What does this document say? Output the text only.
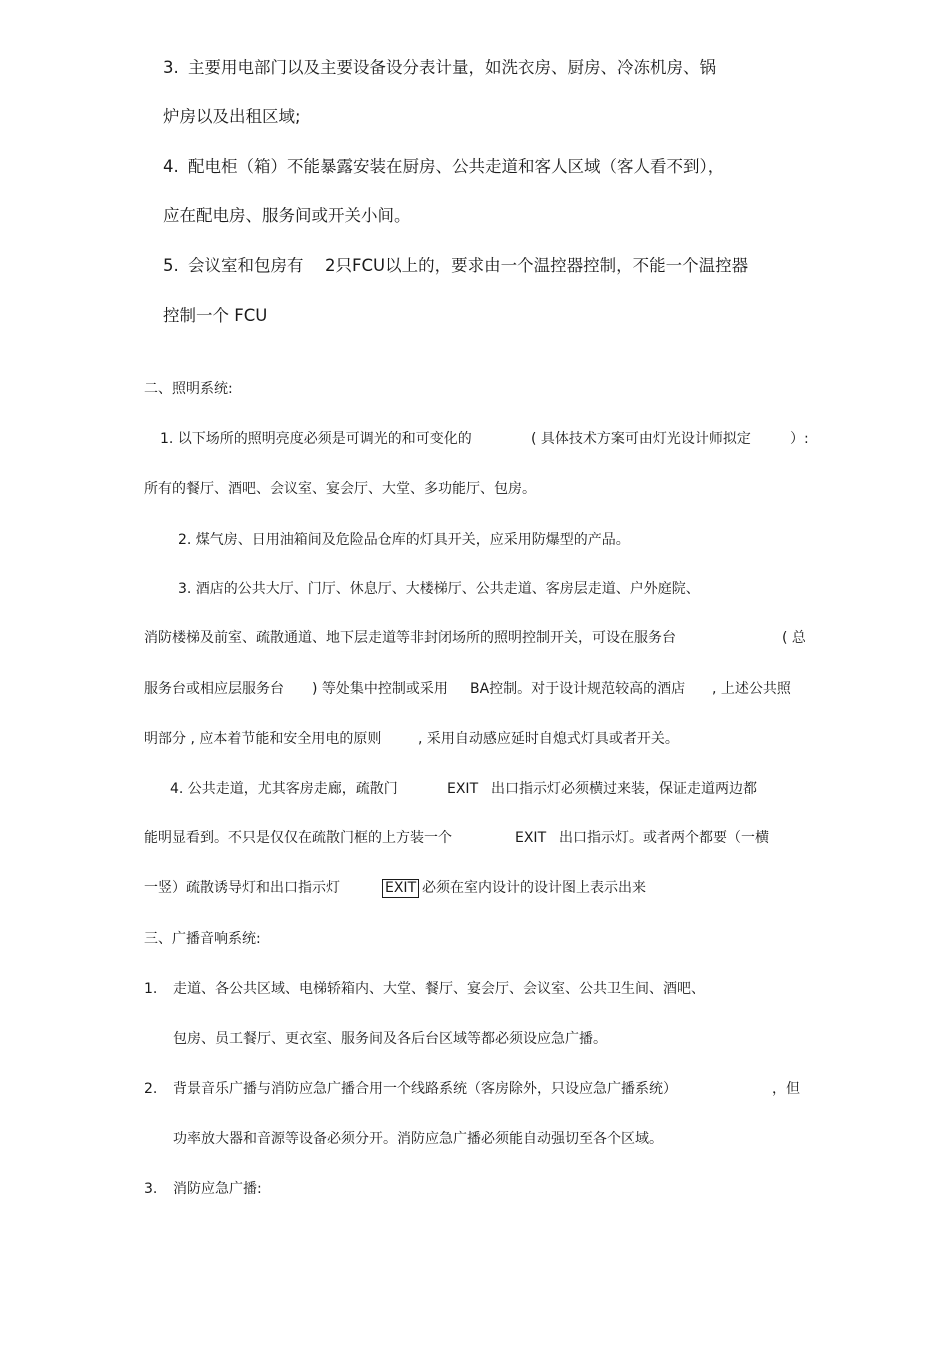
3. 主要用电部门以及主要设备设分表计量，如洗衣房、厨房、冷冻机房、锅
炉房以及出租区域;
4. 配电柜（箱）不能暴露安装在厨房、公共走道和客人区域（客人看不到），
应在配电房、服务间或开关小间。
5. 会议室和包房有 2只FCU以上的，要求由一个温控器控制，不能一个温控器
控制一个 FCU
二、照明系统:
1. 以下场所的照明亮度必须是可调光的和可变化的	( 具体技术方案可由灯光设计师拟定	）:
所有的餐厅、酒吧、会议室、宴会厅、大堂、多功能厅、包房。
2. 煤气房、日用油箱间及危险品仓库的灯具开关，应采用防爆型的产品。
3. 酒店的公共大厅、门厅、休息厅、大楼梯厅、公共走道、客房层走道、户外庭院、
消防楼梯及前室、疏散通道、地下层走道等非封闭场所的照明控制开关，可设在服务台	( 总
服务台或相应层服务台 ) 等处集中控制或采用 BA控制。对于设计规范较高的酒店 , 上述公共照
明部分 , 应本着节能和安全用电的原则	, 采用自动感应延时自熄式灯具或者开关。
4. 公共走道，尤其客房走廊，疏散门	EXIT 出口指示灯必须横过来装，保证走道两边都
能明显看到。不只是仅仅在疏散门框的上方装一个	EXIT 出口指示灯。或者两个都要（一横
一竖）疏散诱导灯和出口指示灯	EXIT 必须在室内设计的设计图上表示出来
三、广播音响系统:
1. 走道、各公共区域、电梯轿箱内、大堂、餐厅、宴会厅、会议室、公共卫生间、酒吧、
包房、员工餐厅、更衣室、服务间及各后台区域等都必须设应急广播。
2. 背景音乐广播与消防应急广播合用一个线路系统（客房除外，只设应急广播系统）	，但
功率放大器和音源等设备必须分开。消防应急广播必须能自动强切至各个区域。
3. 消防应急广播:
